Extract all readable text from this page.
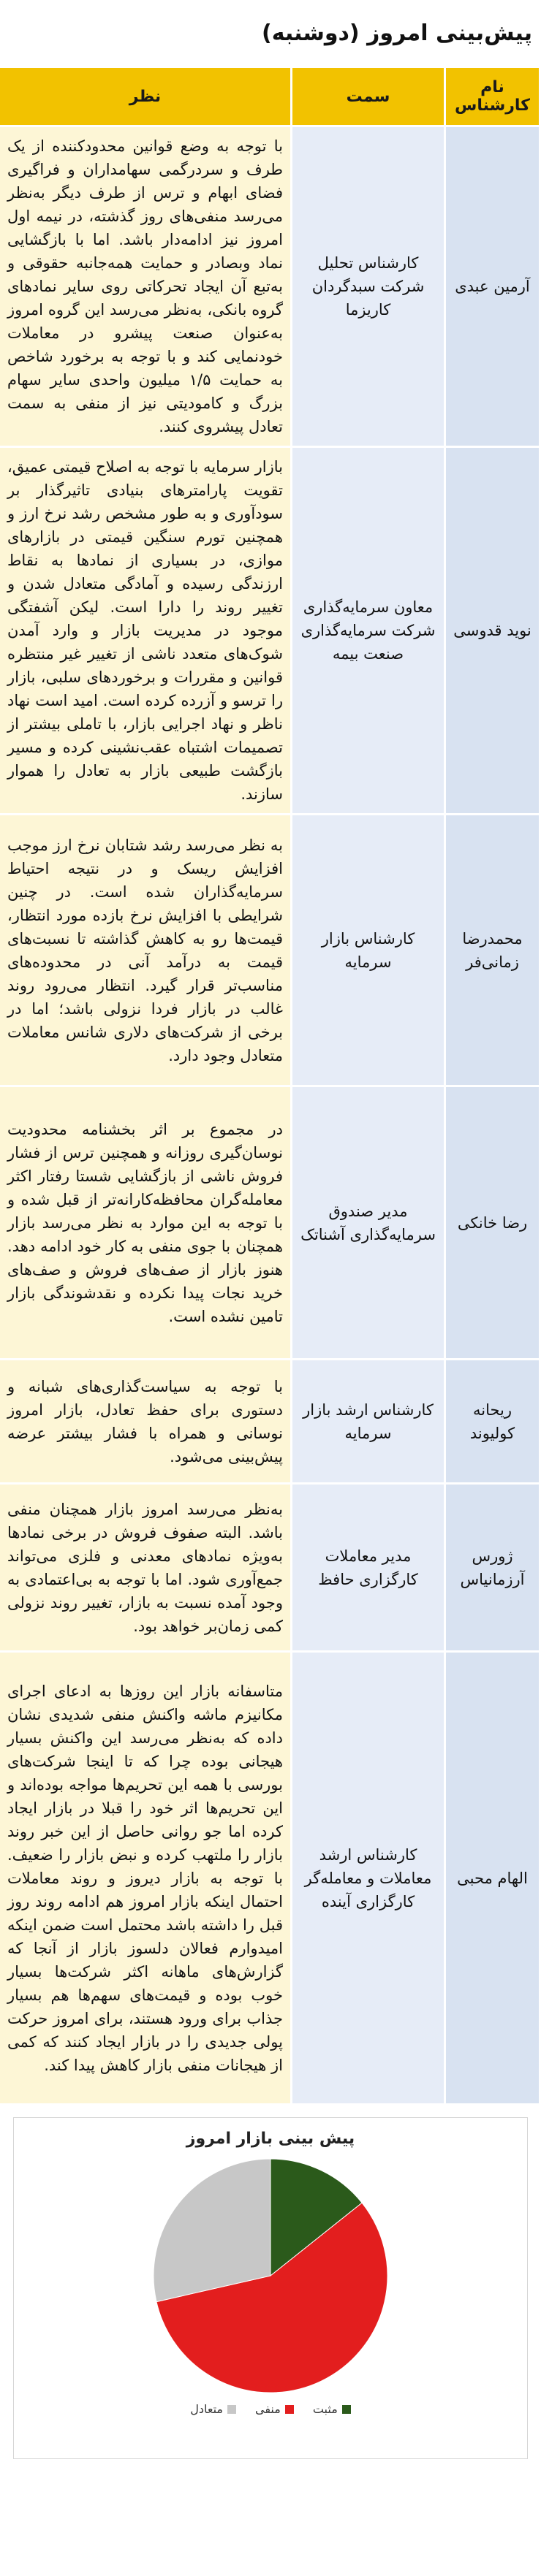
پیش‌بینی امروز (دوشنبه)
نام کارشناس	سمت	نظر
آرمین عبدی	کارشناس تحلیل شرکت سبدگردان کاریزما	با توجه به وضع قوانین محدودکننده از یک طرف و سردرگمی سهامداران و فراگیری فضای ابهام و ترس از طرف دیگر به‌نظر می‌رسد منفی‌های روز گذشته، در نیمه اول امروز نیز ادامه‌دار باشد. اما با بازگشایی نماد وبصادر و حمایت همه‌جانبه حقوقی و به‌تبع آن ایجاد تحرکاتی روی سایر نمادهای گروه بانکی، به‌نظر می‌رسد این گروه امروز به‌عنوان صنعت پیشرو در معاملات خودنمایی کند و با توجه به برخورد شاخص به حمایت ۱/۵ میلیون واحدی سایر سهام بزرگ و کامودیتی نیز از منفی به سمت تعادل پیشروی کنند.
نوید قدوسی	معاون سرمایه‌گذاری شرکت سرمایه‌گذاری صنعت بیمه	بازار سرمایه با توجه به اصلاح قیمتی عمیق، تقویت پارامترهای بنیادی تاثیرگذار بر سودآوری و به طور مشخص رشد نرخ ارز و همچنین تورم سنگین قیمتی در بازارهای موازی، در بسیاری از نمادها به نقاط ارزندگی رسیده و آمادگی متعادل شدن و تغییر روند را دارا است. لیکن آشفتگی موجود در مدیریت بازار و وارد آمدن شوک‌های متعدد ناشی از تغییر غیر منتظره قوانین و مقررات و برخوردهای سلبی، بازار را ترسو و آزرده کرده است. امید است نهاد ناظر و نهاد اجرایی بازار، با تاملی بیشتر از تصمیمات اشتباه عقب‌نشینی کرده و مسیر بازگشت طبیعی بازار به تعادل را هموار سازند.
محمدرضا زمانی‌فر	کارشناس بازار سرمایه	به نظر می‌رسد رشد شتابان نرخ ارز موجب افزایش ریسک و در نتیجه احتیاط سرمایه‌گذاران شده است. در چنین شرایطی با افزایش نرخ بازده مورد انتظار، قیمت‌ها رو به کاهش گذاشته تا نسبت‌های قیمت به درآمد آنی در محدوده‌های مناسب‌تر قرار گیرد. انتظار می‌رود روند غالب در بازار فردا نزولی باشد؛ اما در برخی از شرکت‌های دلاری شانس معاملات متعادل وجود دارد.
رضا خانکی	مدیر صندوق سرمایه‌گذاری آشناتک	در مجموع بر اثر بخشنامه محدودیت نوسان‌گیری روزانه و همچنین ترس از فشار فروش ناشی از بازگشایی شستا رفتار اکثر معامله‌گران محافظه‌کارانه‌تر از قبل شده و با توجه به این موارد به نظر می‌رسد بازار همچنان با جوی منفی به کار خود ادامه دهد. هنوز بازار از صف‌های فروش و صف‌های خرید نجات پیدا نکرده و نقدشوندگی بازار تامین نشده است.
ریحانه کولیوند	کارشناس ارشد بازار سرمایه	با توجه به سیاست‌گذاری‌های شبانه و دستوری برای حفظ تعادل، بازار امروز نوسانی و همراه با فشار بیشتر عرضه پیش‌بینی می‌شود.
ژورس آرزمانیاس	مدیر معاملات کارگزاری حافظ	به‌نظر می‌رسد امروز بازار همچنان منفی باشد. البته صفوف فروش در برخی نمادها به‌ویژه نمادهای معدنی و فلزی می‌تواند جمع‌آوری شود. اما با توجه به بی‌اعتمادی به وجود آمده نسبت به بازار، تغییر روند نزولی کمی زمان‌بر خواهد بود.
الهام محبی	کارشناس ارشد معاملات و معامله‌گر کارگزاری آینده	متاسفانه بازار این روزها به ادعای اجرای مکانیزم ماشه واکنش منفی شدیدی نشان داده که به‌نظر می‌رسد این واکنش بسیار هیجانی بوده چرا که تا اینجا شرکت‌های بورسی با همه این تحریم‌ها مواجه بوده‌اند و این تحریم‌ها اثر خود را قبلا در بازار ایجاد کرده اما جو روانی حاصل از این خبر روند بازار را ملتهب کرده و نبض بازار را ضعیف. با توجه به بازار دیروز و روند معاملات احتمال اینکه بازار امروز هم ادامه روند روز قبل را داشته باشد محتمل است ضمن اینکه امیدوارم فعالان دلسوز بازار از آنجا که گزارش‌های ماهانه اکثر شرکت‌ها بسیار خوب بوده و قیمت‌های سهم‌ها هم بسیار جذاب برای ورود هستند، برای امروز حرکت پولی جدیدی را در بازار ایجاد کنند که کمی از هیجانات منفی بازار کاهش پیدا کند.
پیش بینی بازار امروز
مثبت
منفی
متعادل
